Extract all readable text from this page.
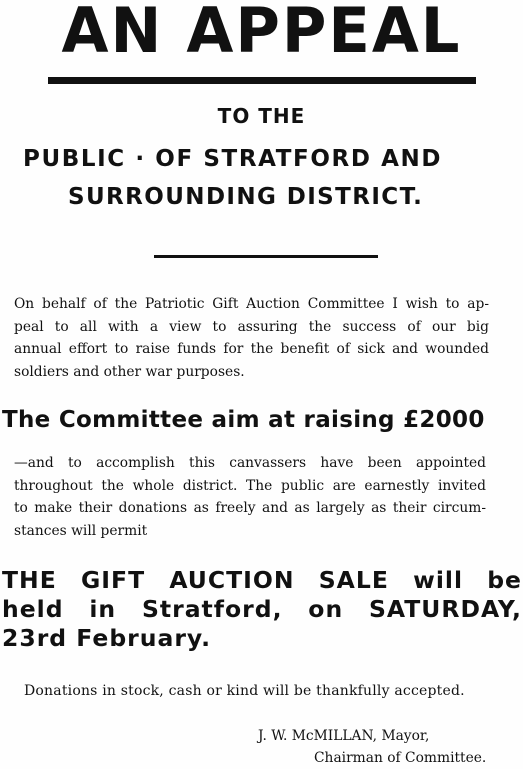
AN APPEAL
TO THE
PUBLIC · OF STRATFORD AND
SURROUNDING DISTRICT.

On behalf of the Patriotic Gift Auction Committee I wish to ap-

peal to all with a view to assuring the success of our big

annual effort to raise funds for the benefit of sick and wounded

soldiers and other war purposes.

The Committee aim at raising £2000

—and to accomplish this canvassers have been appointed

throughout the whole district. The public are earnestly invited

to make their donations as freely and as largely as their circum-

stances will permit

THE GIFT AUCTION SALE will be

held in Stratford, on SATURDAY,

23rd February.

Donations in stock, cash or kind will be thankfully accepted.
J. W. McMILLAN, Mayor,
Chairman of Committee.
